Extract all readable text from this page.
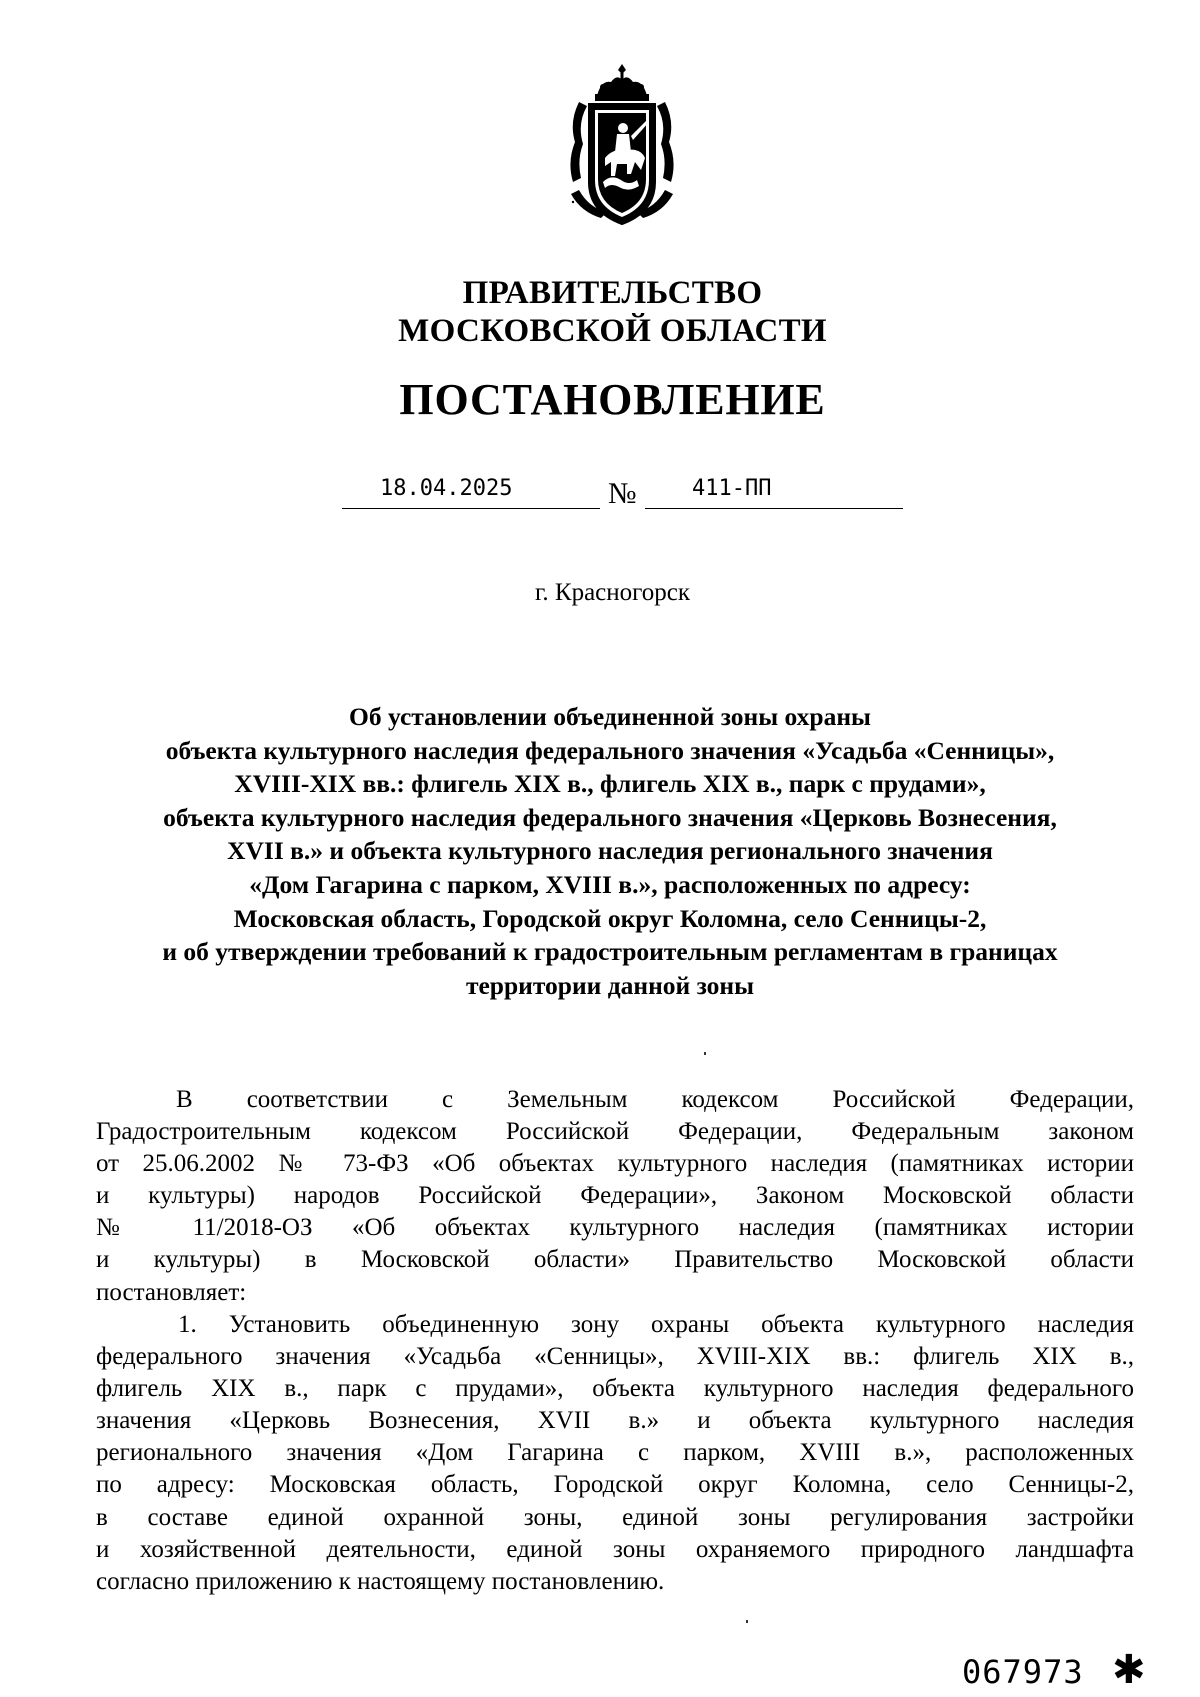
ПРАВИТЕЛЬСТВО
МОСКОВСКОЙ ОБЛАСТИ
ПОСТАНОВЛЕНИЕ
18.04.2025	№	411-ПП
г. Красногорск
Об установлении объединенной зоны охраны
объекта культурного наследия федерального значения «Усадьба «Сенницы»,
XVIII-XIX вв.: флигель XIX в., флигель XIX в., парк с прудами»,
объекта культурного наследия федерального значения «Церковь Вознесения,
XVII в.» и объекта культурного наследия регионального значения
«Дом Гагарина с парком, XVIII в.», расположенных по адресу:
Московская область, Городской округ Коломна, село Сенницы-2,
и об утверждении требований к градостроительным регламентам в границах
территории данной зоны
В соответствии с Земельным кодексом Российской Федерации,
Градостроительным кодексом Российской Федерации, Федеральным законом
от 25.06.2002 № 73-ФЗ «Об объектах культурного наследия (памятниках истории
и культуры) народов Российской Федерации», Законом Московской области
№ 11/2018-ОЗ «Об объектах культурного наследия (памятниках истории
и культуры) в Московской области» Правительство Московской области
постановляет:
1. Установить объединенную зону охраны объекта культурного наследия
федерального значения «Усадьба «Сенницы», XVIII-XIX вв.: флигель XIX в.,
флигель XIX в., парк с прудами», объекта культурного наследия федерального
значения «Церковь Вознесения, XVII в.» и объекта культурного наследия
регионального значения «Дом Гагарина с парком, XVIII в.», расположенных
по адресу: Московская область, Городской округ Коломна, село Сенницы-2,
в составе единой охранной зоны, единой зоны регулирования застройки
и хозяйственной деятельности, единой зоны охраняемого природного ландшафта
согласно приложению к настоящему постановлению.
067973 ✱
